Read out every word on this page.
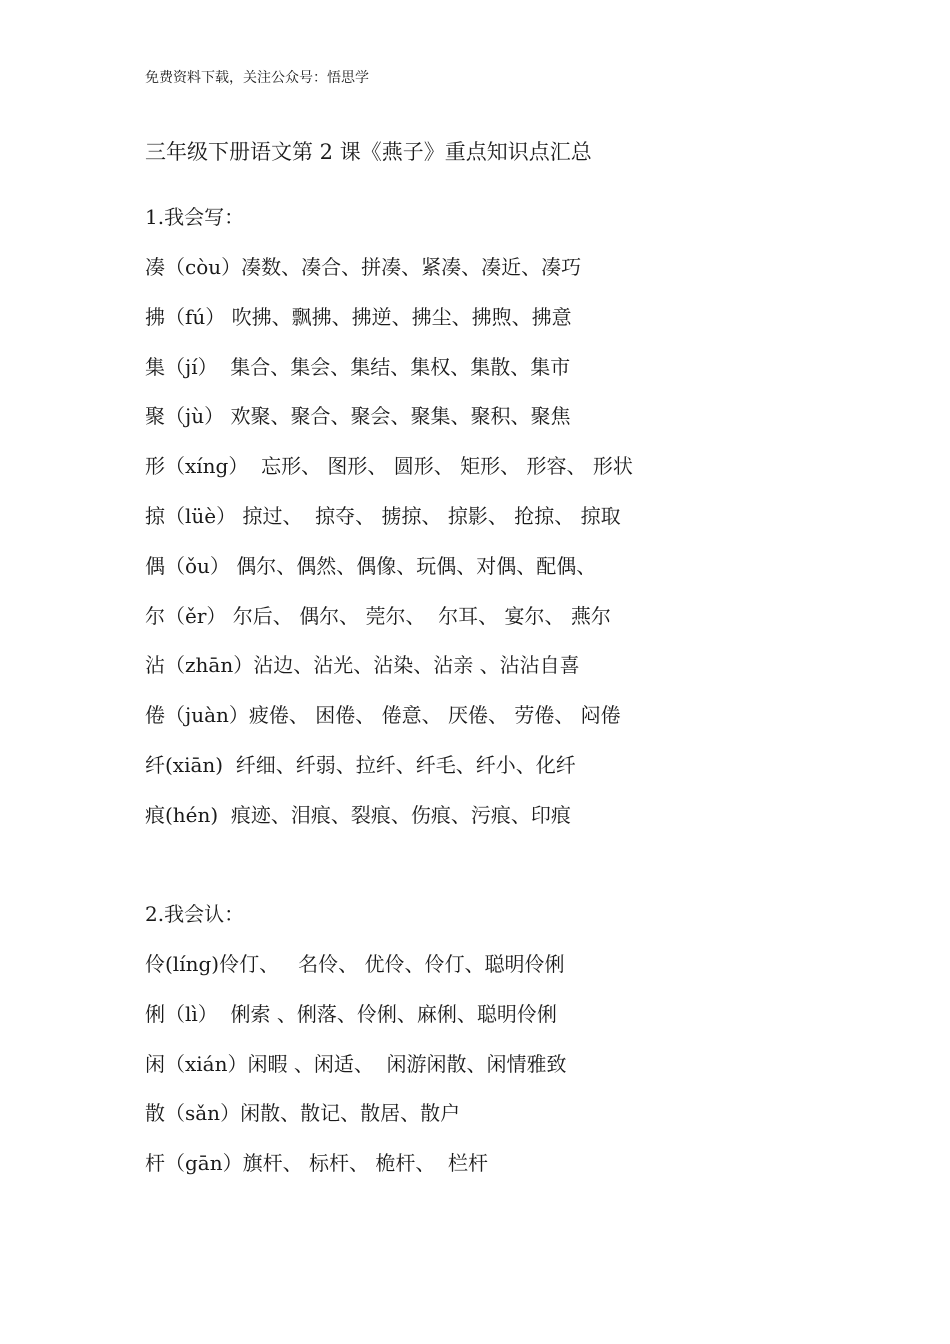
免费资料下载，关注公众号：悟思学
三年级下册语文第 2 课《燕子》重点知识点汇总
1.我会写：

凑（còu）凑数、凑合、拼凑、紧凑、凑近、凑巧

拂（fú） 吹拂、飘拂、拂逆、拂尘、拂煦、拂意

集（jí）  集合、集会、集结、集权、集散、集市

聚（jù） 欢聚、聚合、聚会、聚集、聚积、聚焦

形（xíng）  忘形、 图形、 圆形、 矩形、 形容、 形状

掠（lüè） 掠过、  掠夺、 掳掠、 掠影、 抢掠、 掠取

偶（ǒu） 偶尔、偶然、偶像、玩偶、对偶、配偶、

尔（ěr） 尔后、 偶尔、 莞尔、  尔耳、 宴尔、 燕尔

沾（zhān）沾边、沾光、沾染、沾亲 、沾沾自喜

倦（juàn）疲倦、 困倦、 倦意、 厌倦、 劳倦、 闷倦

纤(xiān)  纤细、纤弱、拉纤、纤毛、纤小、化纤

痕(hén)  痕迹、泪痕、裂痕、伤痕、污痕、印痕

2.我会认：

伶(líng)伶仃、   名伶、 优伶、伶仃、聪明伶俐

俐（lì）  俐索 、俐落、伶俐、麻俐、聪明伶俐

闲（xián）闲暇 、闲适、  闲游闲散、闲情雅致

散（sǎn）闲散、散记、散居、散户

杆（gān）旗杆、 标杆、 桅杆、  栏杆
